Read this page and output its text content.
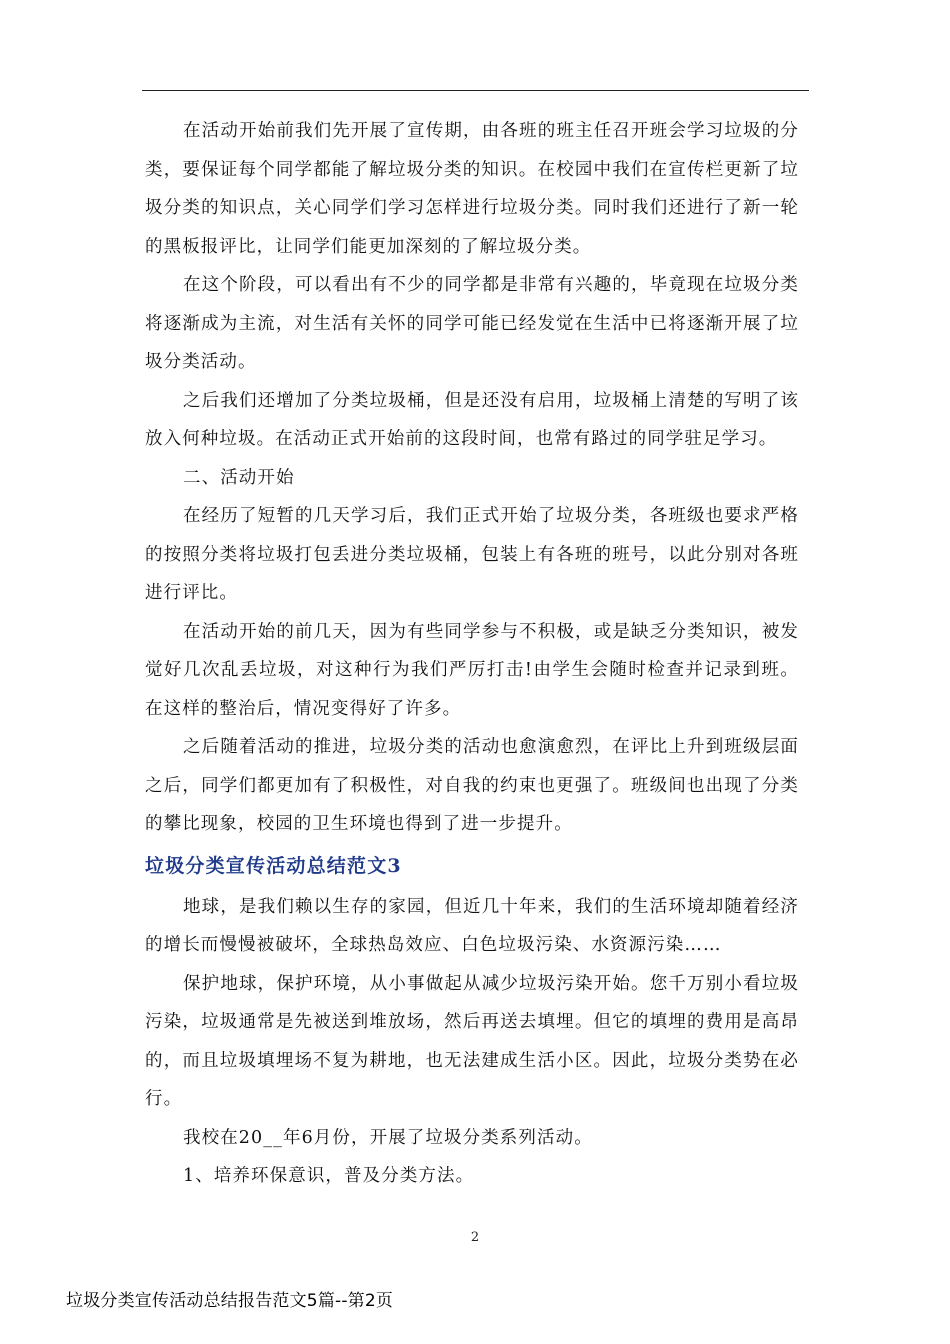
在活动开始前我们先开展了宣传期，由各班的班主任召开班会学习垃圾的分类，要保证每个同学都能了解垃圾分类的知识。在校园中我们在宣传栏更新了垃圾分类的知识点，关心同学们学习怎样进行垃圾分类。同时我们还进行了新一轮的黑板报评比，让同学们能更加深刻的了解垃圾分类。

在这个阶段，可以看出有不少的同学都是非常有兴趣的，毕竟现在垃圾分类将逐渐成为主流，对生活有关怀的同学可能已经发觉在生活中已将逐渐开展了垃圾分类活动。

之后我们还增加了分类垃圾桶，但是还没有启用，垃圾桶上清楚的写明了该放入何种垃圾。在活动正式开始前的这段时间，也常有路过的同学驻足学习。

二、活动开始

在经历了短暂的几天学习后，我们正式开始了垃圾分类，各班级也要求严格的按照分类将垃圾打包丢进分类垃圾桶，包装上有各班的班号，以此分别对各班进行评比。

在活动开始的前几天，因为有些同学参与不积极，或是缺乏分类知识，被发觉好几次乱丢垃圾，对这种行为我们严厉打击!由学生会随时检查并记录到班。在这样的整治后，情况变得好了许多。

之后随着活动的推进，垃圾分类的活动也愈演愈烈，在评比上升到班级层面之后，同学们都更加有了积极性，对自我的约束也更强了。班级间也出现了分类的攀比现象，校园的卫生环境也得到了进一步提升。

垃圾分类宣传活动总结范文3

地球，是我们赖以生存的家园，但近几十年来，我们的生活环境却随着经济的增长而慢慢被破坏，全球热岛效应、白色垃圾污染、水资源污染……

保护地球，保护环境，从小事做起从减少垃圾污染开始。您千万别小看垃圾污染，垃圾通常是先被送到堆放场，然后再送去填埋。但它的填埋的费用是高昂的，而且垃圾填埋场不复为耕地，也无法建成生活小区。因此，垃圾分类势在必行。

我校在20__年6月份，开展了垃圾分类系列活动。

1、培养环保意识，普及分类方法。

2
垃圾分类宣传活动总结报告范文5篇--第2页
